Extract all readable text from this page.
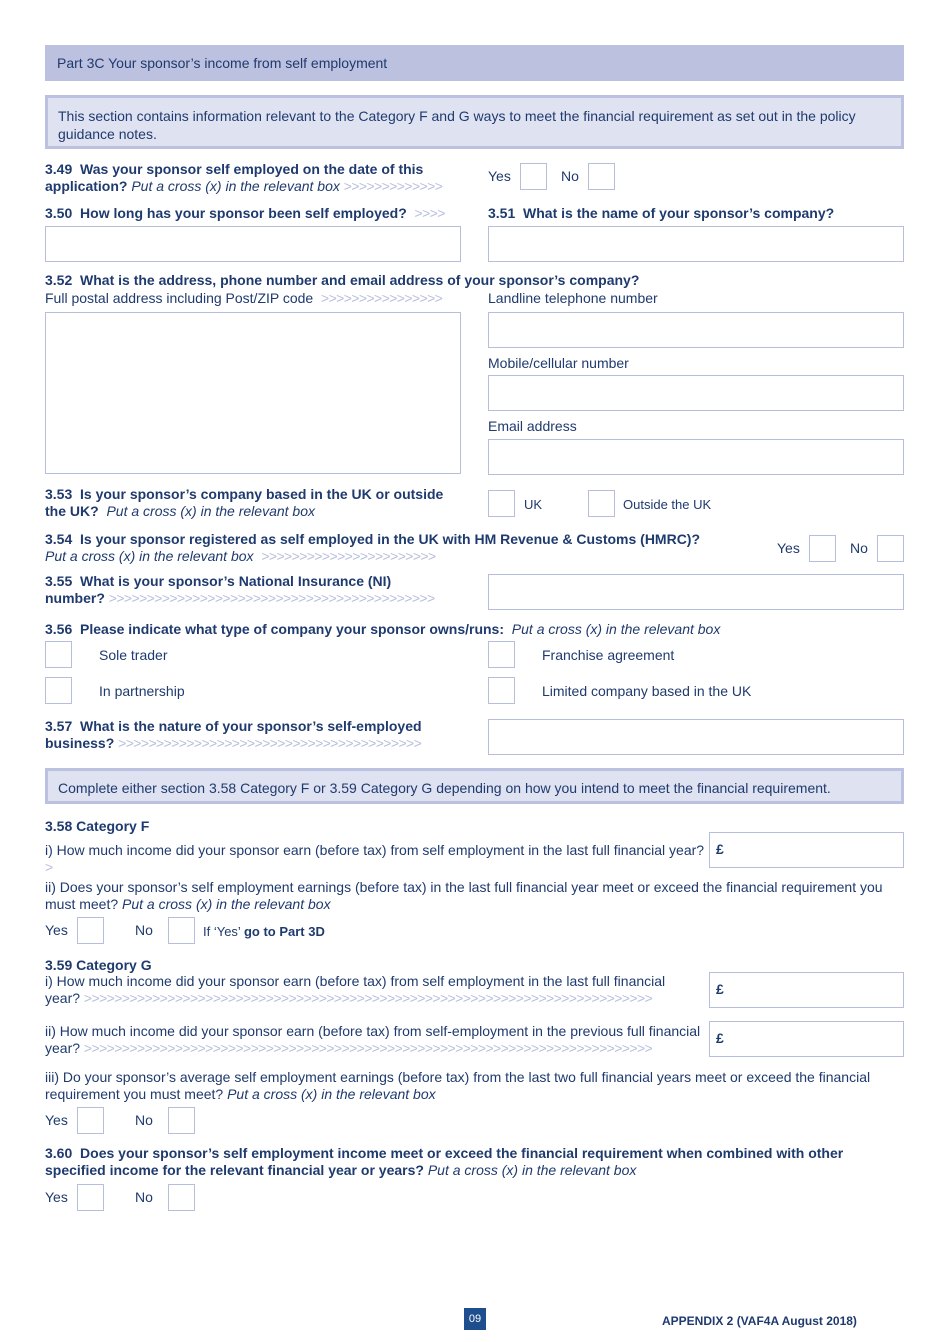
Part 3C Your sponsor’s income from self employment
This section contains information relevant to the Category F and G ways to meet the financial requirement as set out in the policy guidance notes.
3.49 Was your sponsor self employed on the date of this
application? Put a cross (x) in the relevant box >>>>>>>>>>>>>
Yes	No
3.50 How long has your sponsor been self employed? >>>>	3.51 What is the name of your sponsor’s company?
3.52 What is the address, phone number and email address of your sponsor’s company?
Full postal address including Post/ZIP code >>>>>>>>>>>>>>>>	Landline telephone number
Mobile/cellular number
Email address
3.53 Is your sponsor’s company based in the UK or outside
the UK? Put a cross (x) in the relevant box	UK	Outside the UK
3.54 Is your sponsor registered as self employed in the UK with HM Revenue & Customs (HMRC)?
Put a cross (x) in the relevant box >>>>>>>>>>>>>>>>>>>>>>>	Yes	No
3.55 What is your sponsor’s National Insurance (NI)
number? >>>>>>>>>>>>>>>>>>>>>>>>>>>>>>>>>>>>>>>>>>>
3.56 Please indicate what type of company your sponsor owns/runs: Put a cross (x) in the relevant box
Sole trader	Franchise agreement
In partnership	Limited company based in the UK
3.57 What is the nature of your sponsor’s self-employed
business? >>>>>>>>>>>>>>>>>>>>>>>>>>>>>>>>>>>>>>>>
Complete either section 3.58 Category F or 3.59 Category G depending on how you intend to meet the financial requirement.
3.58 Category F
i) How much income did your sponsor earn (before tax) from self employment in the last full financial year? >
£
ii) Does your sponsor’s self employment earnings (before tax) in the last full financial year meet or exceed the financial requirement you must meet? Put a cross (x) in the relevant box
Yes	No	If ‘Yes’ go to Part 3D
3.59 Category G
i) How much income did your sponsor earn (before tax) from self employment in the last full financial
year? >>>>>>>>>>>>>>>>>>>>>>>>>>>>>>>>>>>>>>>>>>>>>>>>>>>>>>>>>>>>>>>>>>>>>>>>>>>
£
ii) How much income did your sponsor earn (before tax) from self-employment in the previous full financial
year? >>>>>>>>>>>>>>>>>>>>>>>>>>>>>>>>>>>>>>>>>>>>>>>>>>>>>>>>>>>>>>>>>>>>>>>>>>>
£
iii) Do your sponsor’s average self employment earnings (before tax) from the last two full financial years meet or exceed the financial requirement you must meet? Put a cross (x) in the relevant box
Yes	No
3.60 Does your sponsor’s self employment income meet or exceed the financial requirement when combined with other specified income for the relevant financial year or years? Put a cross (x) in the relevant box
Yes	No
09	APPENDIX 2 (VAF4A August 2018)
